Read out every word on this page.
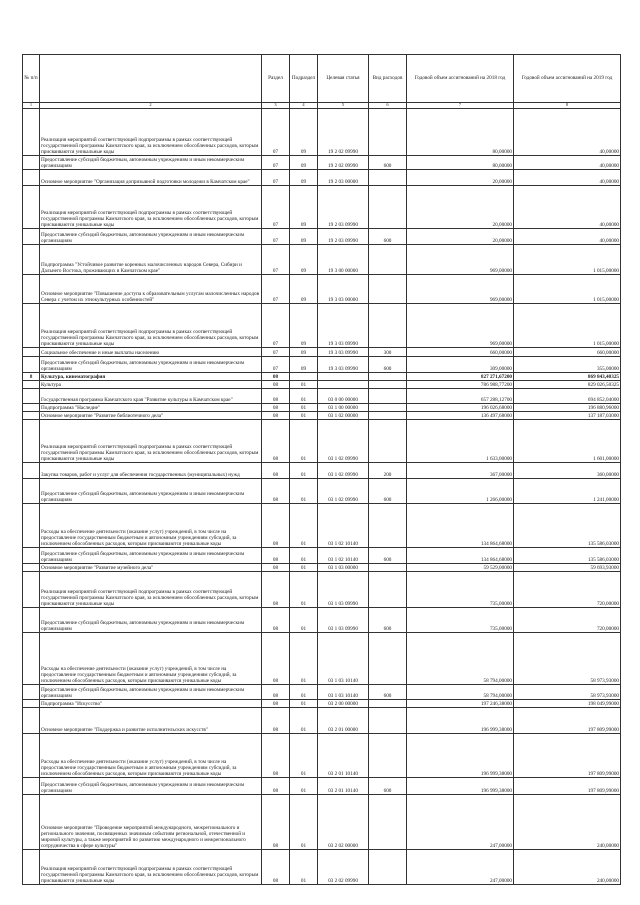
№ п/п		Раздел	Подраздел	Целевая статья	Вид расходов	Годовой объем ассигнований на 2018 год	Годовой объем ассигнований на 2019 год
1	2	3	4	5	6	7	8
	Реализация мероприятий соответствующей подпрограммы в рамках соответствующей государственной программы Камчатского края, за исключением обособленных расходов, которым присваиваются уникальные коды	07	09	19 2 02 09990		80,00000	40,00000
	Предоставление субсидий бюджетным, автономным учреждениям и иным некоммерческим организациям	07	09	19 2 02 09990	600	80,00000	40,00000
	Основное мероприятие "Организация допризывной подготовки молодежи в Камчатском крае"	07	09	19 2 03 00000		20,00000	40,00000
	Реализация мероприятий соответствующей подпрограммы в рамках соответствующей государственной программы Камчатского края, за исключением обособленных расходов, которым присваиваются уникальные коды	07	09	19 2 03 09990		20,00000	40,00000
	Предоставление субсидий бюджетным, автономным учреждениям и иным некоммерческим организациям	07	09	19 2 03 09990	600	20,00000	40,00000
	Подпрограмма "Устойчивое развитие коренных малочисленных народов Севера, Сибири и Дальнего Востока, проживающих в Камчатском крае"	07	09	19 3 00 00000		969,00000	1 015,00000
	Основное мероприятие "Повышение доступа к образовательным услугам малочисленных народов Севера с учетом их этнокультурных особенностей"	07	09	19 3 03 00000		969,00000	1 015,00000
	Реализация мероприятий соответствующей подпрограммы в рамках соответствующей государственной программы Камчатского края, за исключением обособленных расходов, которым присваиваются уникальные коды	07	09	19 3 03 09990		969,00000	1 015,00000
	Социальное обеспечение и иные выплаты населению	07	09	19 3 03 09990	300	660,00000	660,00000
	Предоставление субсидий бюджетным, автономным учреждениям и иным некоммерческим организациям	07	09	19 3 03 09990	600	309,00000	355,00000
8	Культура, кинематография	08				827 271,67200	869 843,40325
	Культура	08	01			786 988,77200	829 026,50325
	Государственная программа Камчатского края "Развитие культуры в Камчатском крае"	08	01	03 0 00 00000		657 288,12700	694 852,04000
	Подпрограмма "Наследие"	08	01	03 1 00 00000		196 026,68000	196 880,96000
	Основное мероприятие "Развитие библиотечного дела"	08	01	03 1 02 00000		136 497,68000	137 187,03000
	Реализация мероприятий соответствующей подпрограммы в рамках соответствующей государственной программы Камчатского края, за исключением обособленных расходов, которым присваиваются уникальные коды	08	01	03 1 02 09990		1 633,00000	1 601,00000
	Закупка товаров, работ и услуг для обеспечения государственных (муниципальных) нужд	08	01	03 1 02 09990	200	367,00000	360,00000
	Предоставление субсидий бюджетным, автономным учреждениям и иным некоммерческим организациям	08	01	03 1 02 09990	600	1 266,00000	1 241,00000
	Расходы на обеспечение деятельности (оказание услуг) учреждений, в том числе на предоставление государственным бюджетным и автономным учреждениям субсидий, за исключением обособленных расходов, которым присваиваются уникальные коды	08	01	03 1 02 10140		134 864,68000	135 586,03000
	Предоставление субсидий бюджетным, автономным учреждениям и иным некоммерческим организациям	08	01	03 1 02 10140	600	134 864,68000	135 586,03000
	Основное мероприятие "Развитие музейного дела"	08	01	03 1 03 00000		59 529,00000	59 693,93000
	Реализация мероприятий соответствующей подпрограммы в рамках соответствующей государственной программы Камчатского края, за исключением обособленных расходов, которым присваиваются уникальные коды	08	01	03 1 03 09990		735,00000	720,00000
	Предоставление субсидий бюджетным, автономным учреждениям и иным некоммерческим организациям	08	01	03 1 03 09990	600	735,00000	720,00000
	Расходы на обеспечение деятельности (оказание услуг) учреждений, в том числе на предоставление государственным бюджетным и автономным учреждениям субсидий, за исключением обособленных расходов, которым присваиваются уникальные коды	08	01	03 1 03 10140		58 794,00000	58 973,93000
	Предоставление субсидий бюджетным, автономным учреждениям и иным некоммерческим организациям	08	01	03 1 03 10140	600	58 794,00000	58 973,93000
	Подпрограмма "Искусство"	08	01	03 2 00 00000		197 246,38000	198 049,99000
	Основное мероприятие "Поддержка и развитие исполнительских искусств"	08	01	03 2 01 00000		196 999,38000	197 809,99000
	Расходы на обеспечение деятельности (оказание услуг) учреждений, в том числе на предоставление государственным бюджетным и автономным учреждениям субсидий, за исключением обособленных расходов, которым присваиваются уникальные коды	08	01	03 2 01 10140		196 999,38000	197 809,99000
	Предоставление субсидий бюджетным, автономным учреждениям и иным некоммерческим организациям	08	01	03 2 01 10140	600	196 999,38000	197 809,99000
	Основное мероприятие "Проведение мероприятий международного, межрегионального и регионального значения, посвященных значимым событиям региональной, отечественной и мировой культуры, а также мероприятий по развитию международного и межрегионального сотрудничества в сфере культуры"	08	01	03 2 02 00000		247,00000	240,00000
	Реализация мероприятий соответствующей подпрограммы в рамках соответствующей государственной программы Камчатского края, за исключением обособленных расходов, которым присваиваются уникальные коды	08	01	03 2 02 09990		247,00000	240,00000
